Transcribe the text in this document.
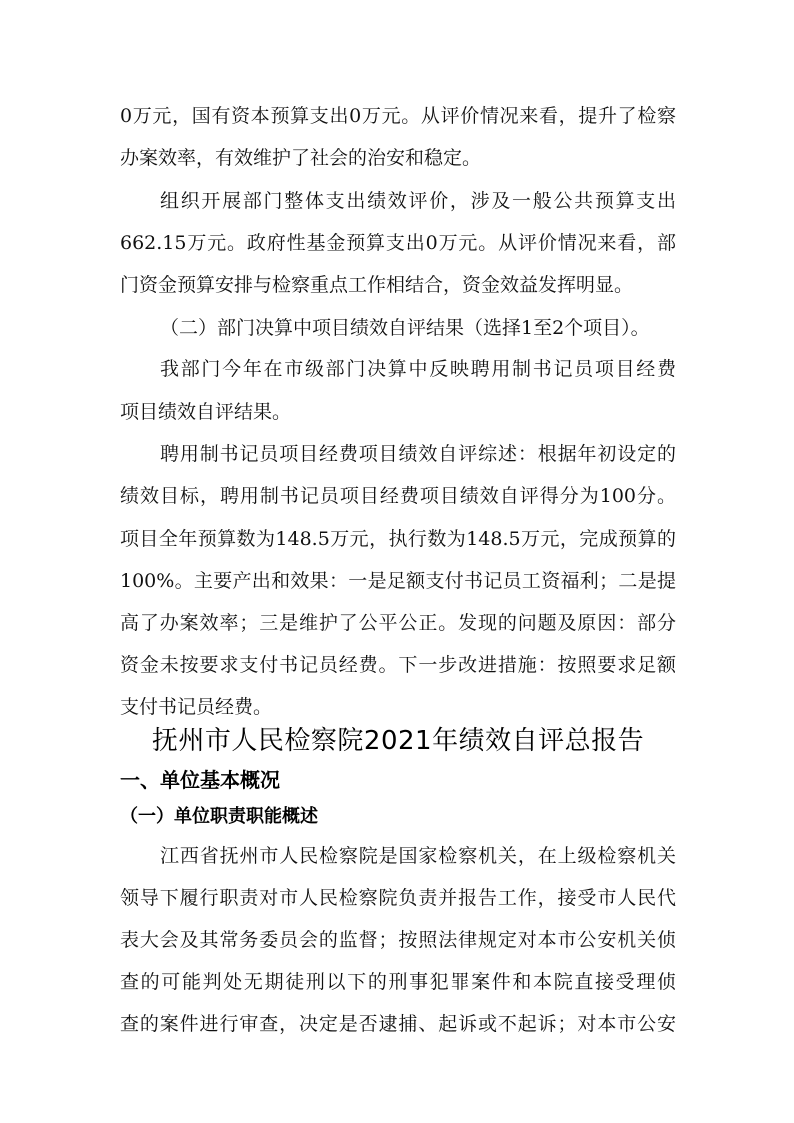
0万元，国有资本预算支出0万元。从评价情况来看，提升了检察
办案效率，有效维护了社会的治安和稳定。
组织开展部门整体支出绩效评价，涉及一般公共预算支出
662.15万元。政府性基金预算支出0万元。从评价情况来看，部
门资金预算安排与检察重点工作相结合，资金效益发挥明显。
（二）部门决算中项目绩效自评结果（选择1至2个项目）。
我部门今年在市级部门决算中反映聘用制书记员项目经费
项目绩效自评结果。
聘用制书记员项目经费项目绩效自评综述：根据年初设定的
绩效目标，聘用制书记员项目经费项目绩效自评得分为100分。
项目全年预算数为148.5万元，执行数为148.5万元，完成预算的
100%。主要产出和效果：一是足额支付书记员工资福利；二是提
高了办案效率；三是维护了公平公正。发现的问题及原因：部分
资金未按要求支付书记员经费。下一步改进措施：按照要求足额
支付书记员经费。
抚州市人民检察院2021年绩效自评总报告
一、单位基本概况
（一）单位职责职能概述
江西省抚州市人民检察院是国家检察机关，在上级检察机关
领导下履行职责对市人民检察院负责并报告工作，接受市人民代
表大会及其常务委员会的监督；按照法律规定对本市公安机关侦
查的可能判处无期徒刑以下的刑事犯罪案件和本院直接受理侦
查的案件进行审查，决定是否逮捕、起诉或不起诉；对本市公安
